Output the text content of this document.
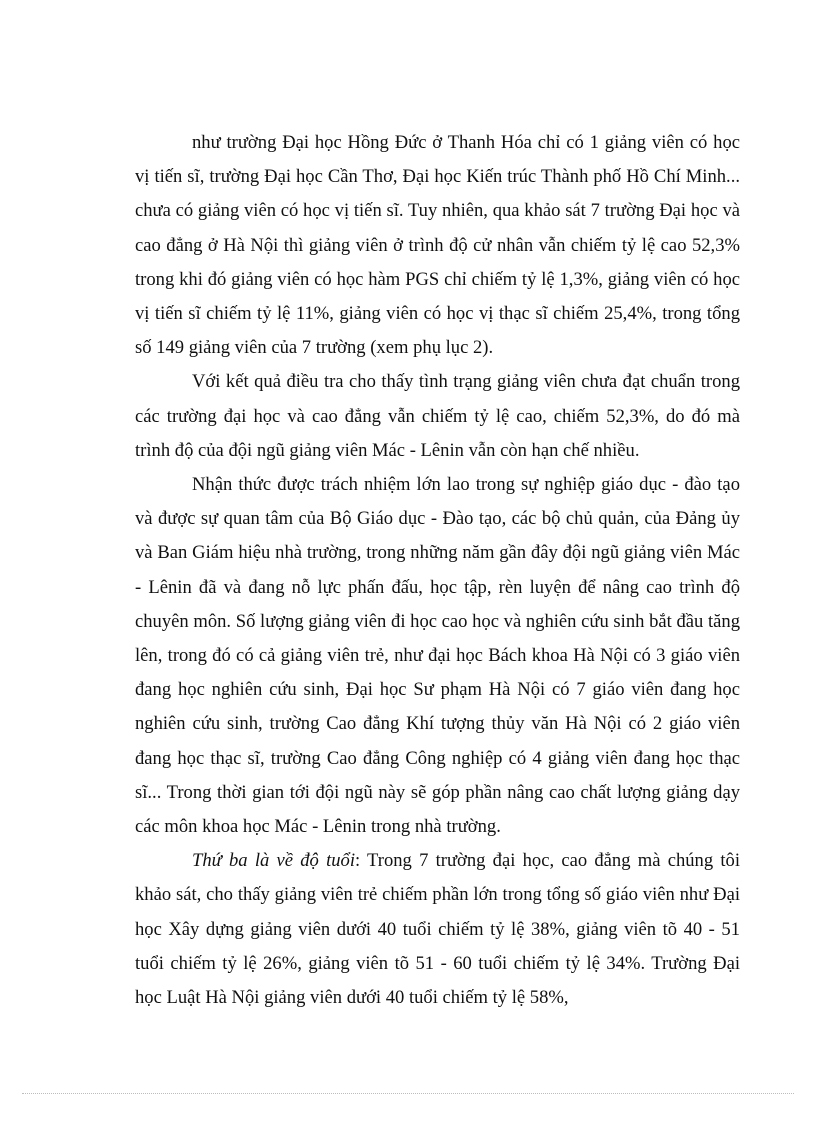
như trường Đại học Hồng Đức ở Thanh Hóa chỉ có 1 giảng viên có học vị tiến sĩ, trường Đại học Cần Thơ, Đại học Kiến trúc Thành phố Hồ Chí Minh... chưa có giảng viên có học vị tiến sĩ. Tuy nhiên, qua khảo sát 7 trường Đại học và cao đẳng ở Hà Nội thì giảng viên ở trình độ cử nhân vẫn chiếm tỷ lệ cao 52,3% trong khi đó giảng viên có học hàm PGS chỉ chiếm tỷ lệ 1,3%, giảng viên có học vị tiến sĩ chiếm tỷ lệ 11%, giảng viên có học vị thạc sĩ chiếm 25,4%, trong tổng số 149 giảng viên của 7 trường (xem phụ lục 2).

Với kết quả điều tra cho thấy tình trạng giảng viên chưa đạt chuẩn trong các trường đại học và cao đẳng vẫn chiếm tỷ lệ cao, chiếm 52,3%, do đó mà trình độ của đội ngũ giảng viên Mác - Lênin vẫn còn hạn chế nhiều.

Nhận thức được trách nhiệm lớn lao trong sự nghiệp giáo dục - đào tạo và được sự quan tâm của Bộ Giáo dục - Đào tạo, các bộ chủ quản, của Đảng ủy và Ban Giám hiệu nhà trường, trong những năm gần đây đội ngũ giảng viên Mác - Lênin đã và đang nỗ lực phấn đấu, học tập, rèn luyện để nâng cao trình độ chuyên môn. Số lượng giảng viên đi học cao học và nghiên cứu sinh bắt đầu tăng lên, trong đó có cả giảng viên trẻ, như đại học Bách khoa Hà Nội có 3 giáo viên đang học nghiên cứu sinh, Đại học Sư phạm Hà Nội có 7 giáo viên đang học nghiên cứu sinh, trường Cao đẳng Khí tượng thủy văn Hà Nội có 2 giáo viên đang học thạc sĩ, trường Cao đẳng Công nghiệp có 4 giảng viên đang học thạc sĩ... Trong thời gian tới đội ngũ này sẽ góp phần nâng cao chất lượng giảng dạy các môn khoa học Mác - Lênin trong nhà trường.

Thứ ba là về độ tuổi: Trong 7 trường đại học, cao đẳng mà chúng tôi khảo sát, cho thấy giảng viên trẻ chiếm phần lớn trong tổng số giáo viên như Đại học Xây dựng giảng viên dưới 40 tuổi chiếm tỷ lệ 38%, giảng viên tõ 40 - 51 tuổi chiếm tỷ lệ 26%, giảng viên tõ 51 - 60 tuổi chiếm tỷ lệ 34%. Trường Đại học Luật Hà Nội giảng viên dưới 40 tuổi chiếm tỷ lệ 58%,
